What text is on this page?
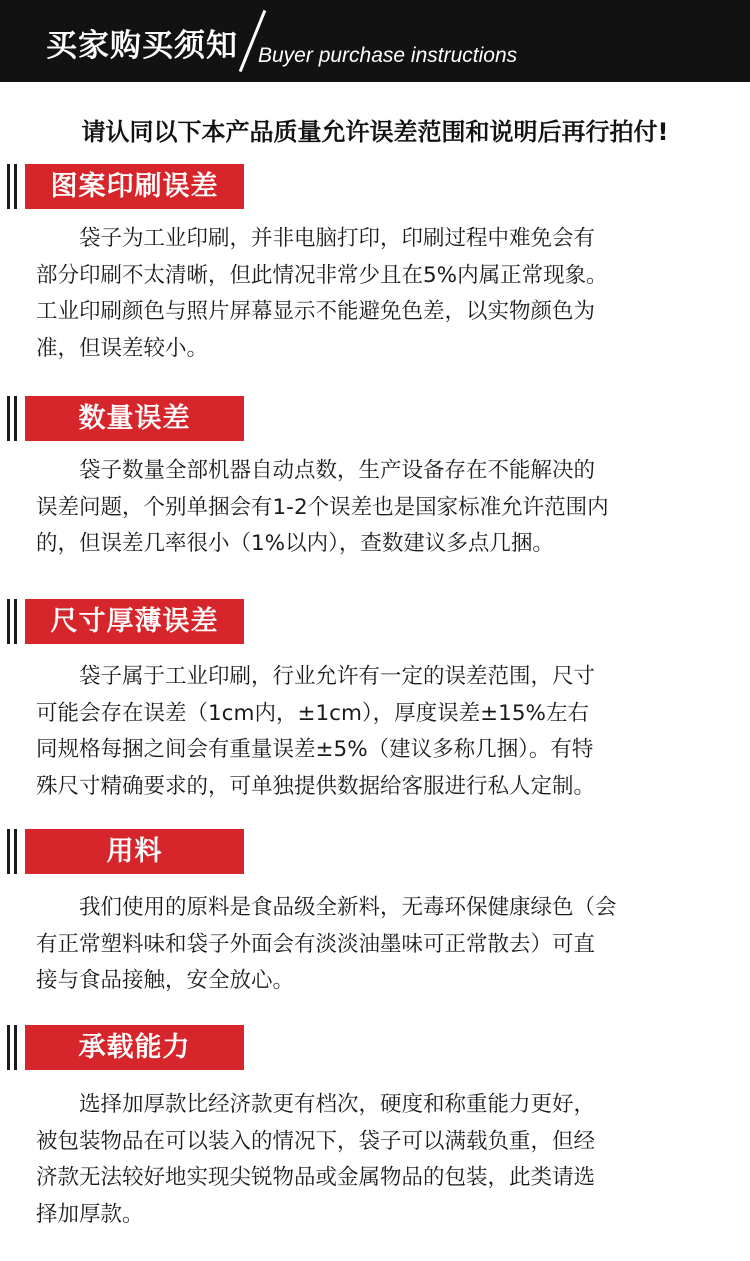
买家购买须知 Buyer purchase instructions
请认同以下本产品质量允许误差范围和说明后再行拍付!
图案印刷误差

袋子为工业印刷，并非电脑打印，印刷过程中难免会有

部分印刷不太清晰，但此情况非常少且在5%内属正常现象。

工业印刷颜色与照片屏幕显示不能避免色差，以实物颜色为

准，但误差较小。

数量误差

袋子数量全部机器自动点数，生产设备存在不能解决的

误差问题，个别单捆会有1-2个误差也是国家标准允许范围内

的，但误差几率很小（1%以内），查数建议多点几捆。

尺寸厚薄误差

袋子属于工业印刷，行业允许有一定的误差范围，尺寸

可能会存在误差（1cm内，±1cm），厚度误差±15%左右

同规格每捆之间会有重量误差±5%（建议多称几捆）。有特

殊尺寸精确要求的，可单独提供数据给客服进行私人定制。

用料

我们使用的原料是食品级全新料，无毒环保健康绿色（会

有正常塑料味和袋子外面会有淡淡油墨味可正常散去）可直

接与食品接触，安全放心。

承载能力

选择加厚款比经济款更有档次，硬度和称重能力更好，

被包装物品在可以装入的情况下，袋子可以满载负重，但经

济款无法较好地实现尖锐物品或金属物品的包装，此类请选

择加厚款。
